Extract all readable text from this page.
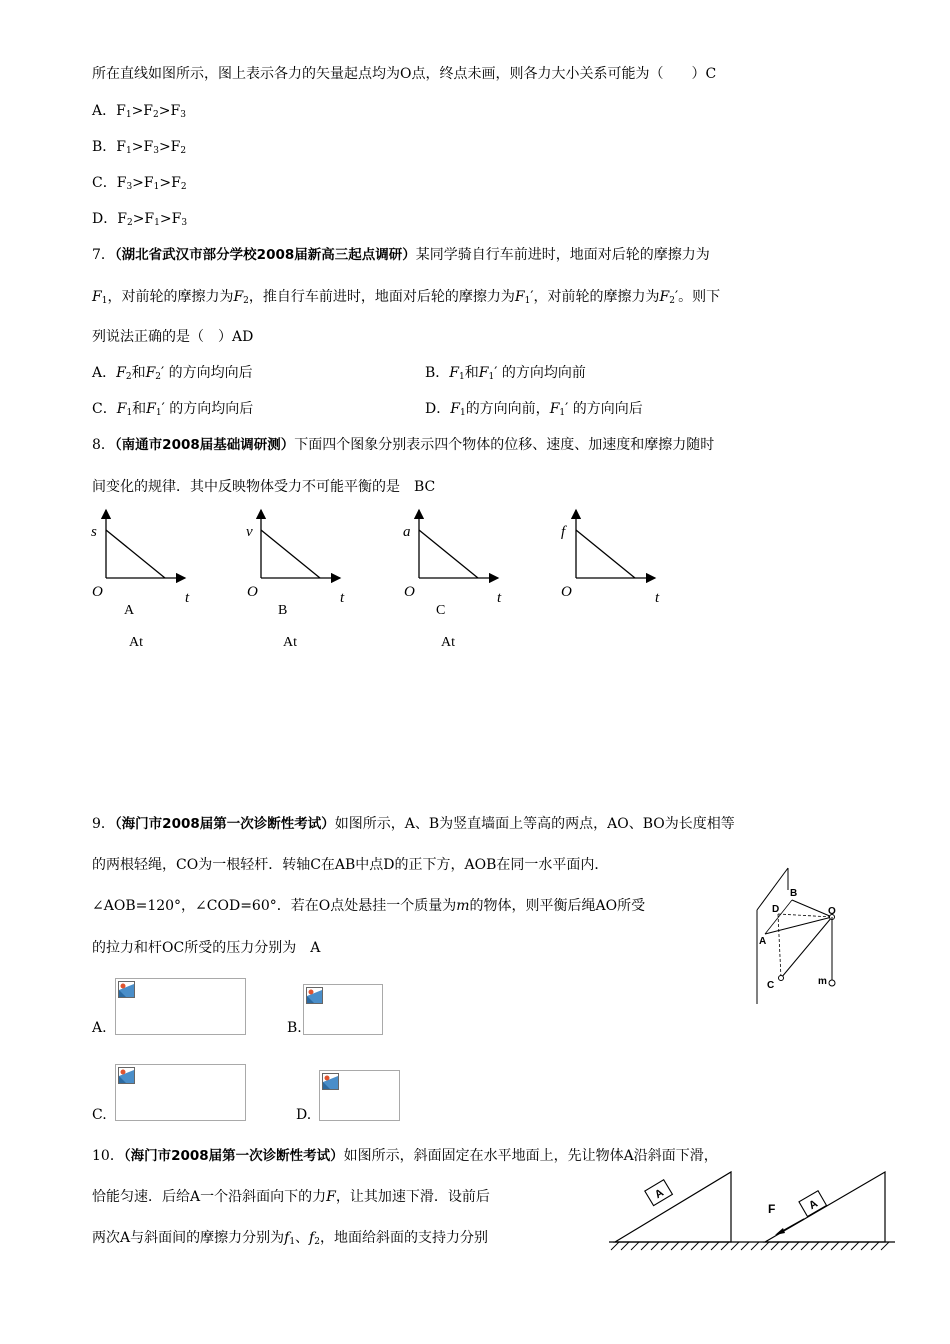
所在直线如图所示，图上表示各力的矢量起点均为O点，终点未画，则各力大小关系可能为（　　）C
A．$F_1>F_2>F_3$
B．$F_1>F_3>F_2$
C．$F_3>F_1>F_2$
D．$F_2>F_1>F_3$
7．（湖北省武汉市部分学校2008届新高三起点调研）某同学骑自行车前进时，地面对后轮的摩擦力为
$F_1$，对前轮的摩擦力为$F_2$，推自行车前进时，地面对后轮的摩擦力为$F_1'$，对前轮的摩擦力为$F_2'$。则下
列说法正确的是（　）AD
A．$F_2$和$F_2'$ 的方向均向后	B．$F_1$和$F_1'$ 的方向均向前
C．$F_1$和$F_1'$ 的方向均向后	D．$F_1$的方向向前，$F_1'$ 的方向向后
8．（南通市2008届基础调研测）下面四个图象分别表示四个物体的位移、速度、加速度和摩擦力随时
间变化的规律．其中反映物体受力不可能平衡的是　BC
s
O	t
A
At
v
O	t
B
At
a
O	t
C
At
f
O	t
9．（海门市2008届第一次诊断性考试）如图所示，A、B为竖直墙面上等高的两点，AO、BO为长度相等
的两根轻绳，CO为一根轻杆．转轴C在AB中点D的正下方，AOB在同一水平面内．
∠AOB=120°，∠COD=60°．若在O点处悬挂一个质量为m的物体，则平衡后绳AO所受
的拉力和杆OC所受的压力分别为　A
B
D	O
A
C	m
A.	B.
C.	D.
10．（海门市2008届第一次诊断性考试）如图所示，斜面固定在水平地面上，先让物体A沿斜面下滑，
恰能匀速．后给A一个沿斜面向下的力F，让其加速下滑．设前后
两次A与斜面间的摩擦力分别为$f_1$、$f_2$，地面给斜面的支持力分别
A
A
F
